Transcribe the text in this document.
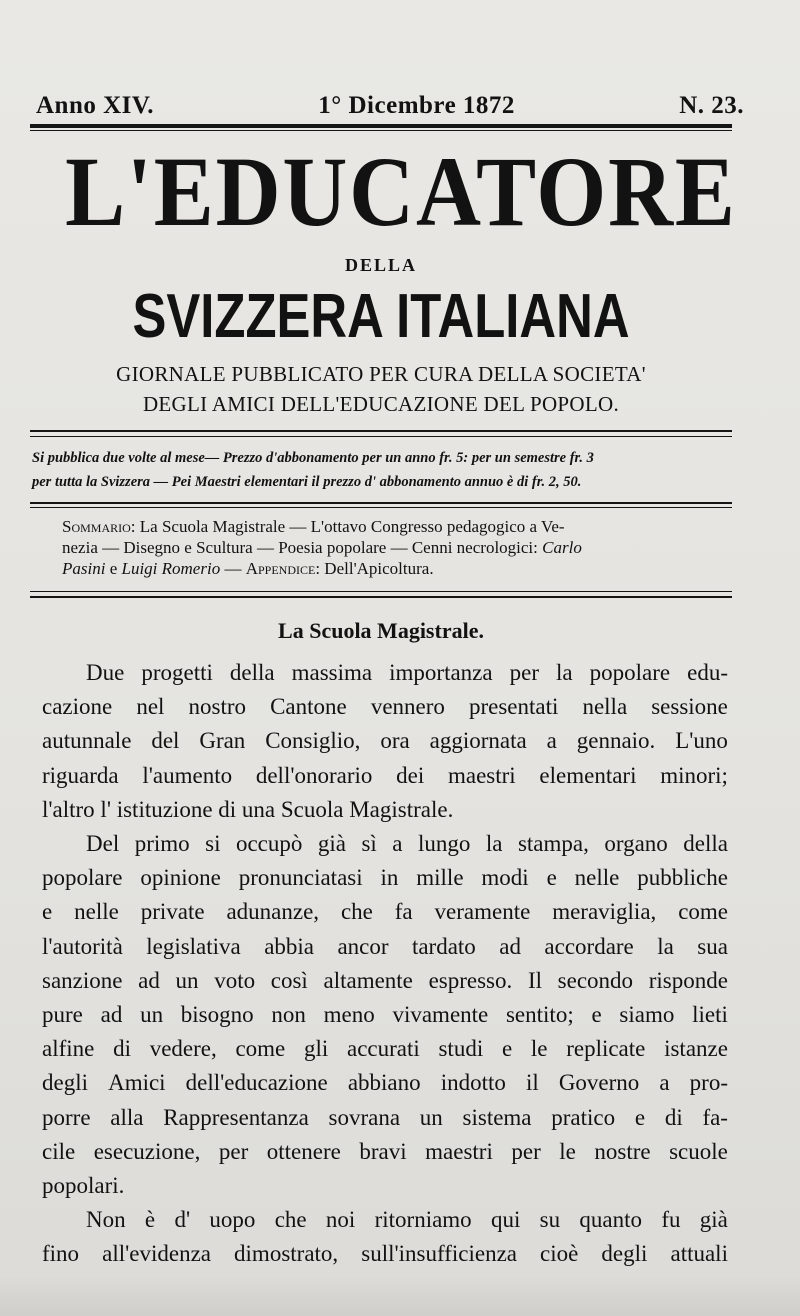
Anno XIV.	1° Dicembre 1872	N. 23.
L'EDUCATORE
DELLA
SVIZZERA ITALIANA
GIORNALE PUBBLICATO PER CURA DELLA SOCIETA'
DEGLI AMICI DELL'EDUCAZIONE DEL POPOLO.
Si pubblica due volte al mese— Prezzo d'abbonamento per un anno fr. 5: per un semestre fr. 3
per tutta la Svizzera — Pei Maestri elementari il prezzo d' abbonamento annuo è di fr. 2, 50.
Sommario: La Scuola Magistrale — L'ottavo Congresso pedagogico a Ve-
nezia — Disegno e Scultura — Poesia popolare — Cenni necrologici: Carlo
Pasini e Luigi Romerio — Appendice: Dell'Apicoltura.
La Scuola Magistrale.
Due progetti della massima importanza per la popolare edu-
cazione nel nostro Cantone vennero presentati nella sessione
autunnale del Gran Consiglio, ora aggiornata a gennaio. L'uno
riguarda l'aumento dell'onorario dei maestri elementari minori;
l'altro l' istituzione di una Scuola Magistrale.
Del primo si occupò già sì a lungo la stampa, organo della
popolare opinione pronunciatasi in mille modi e nelle pubbliche
e nelle private adunanze, che fa veramente meraviglia, come
l'autorità legislativa abbia ancor tardato ad accordare la sua
sanzione ad un voto così altamente espresso. Il secondo risponde
pure ad un bisogno non meno vivamente sentito; e siamo lieti
alfine di vedere, come gli accurati studi e le replicate istanze
degli Amici dell'educazione abbiano indotto il Governo a pro-
porre alla Rappresentanza sovrana un sistema pratico e di fa-
cile esecuzione, per ottenere bravi maestri per le nostre scuole
popolari.
Non è d' uopo che noi ritorniamo qui su quanto fu già
fino all'evidenza dimostrato, sull'insufficienza cioè degli attuali
